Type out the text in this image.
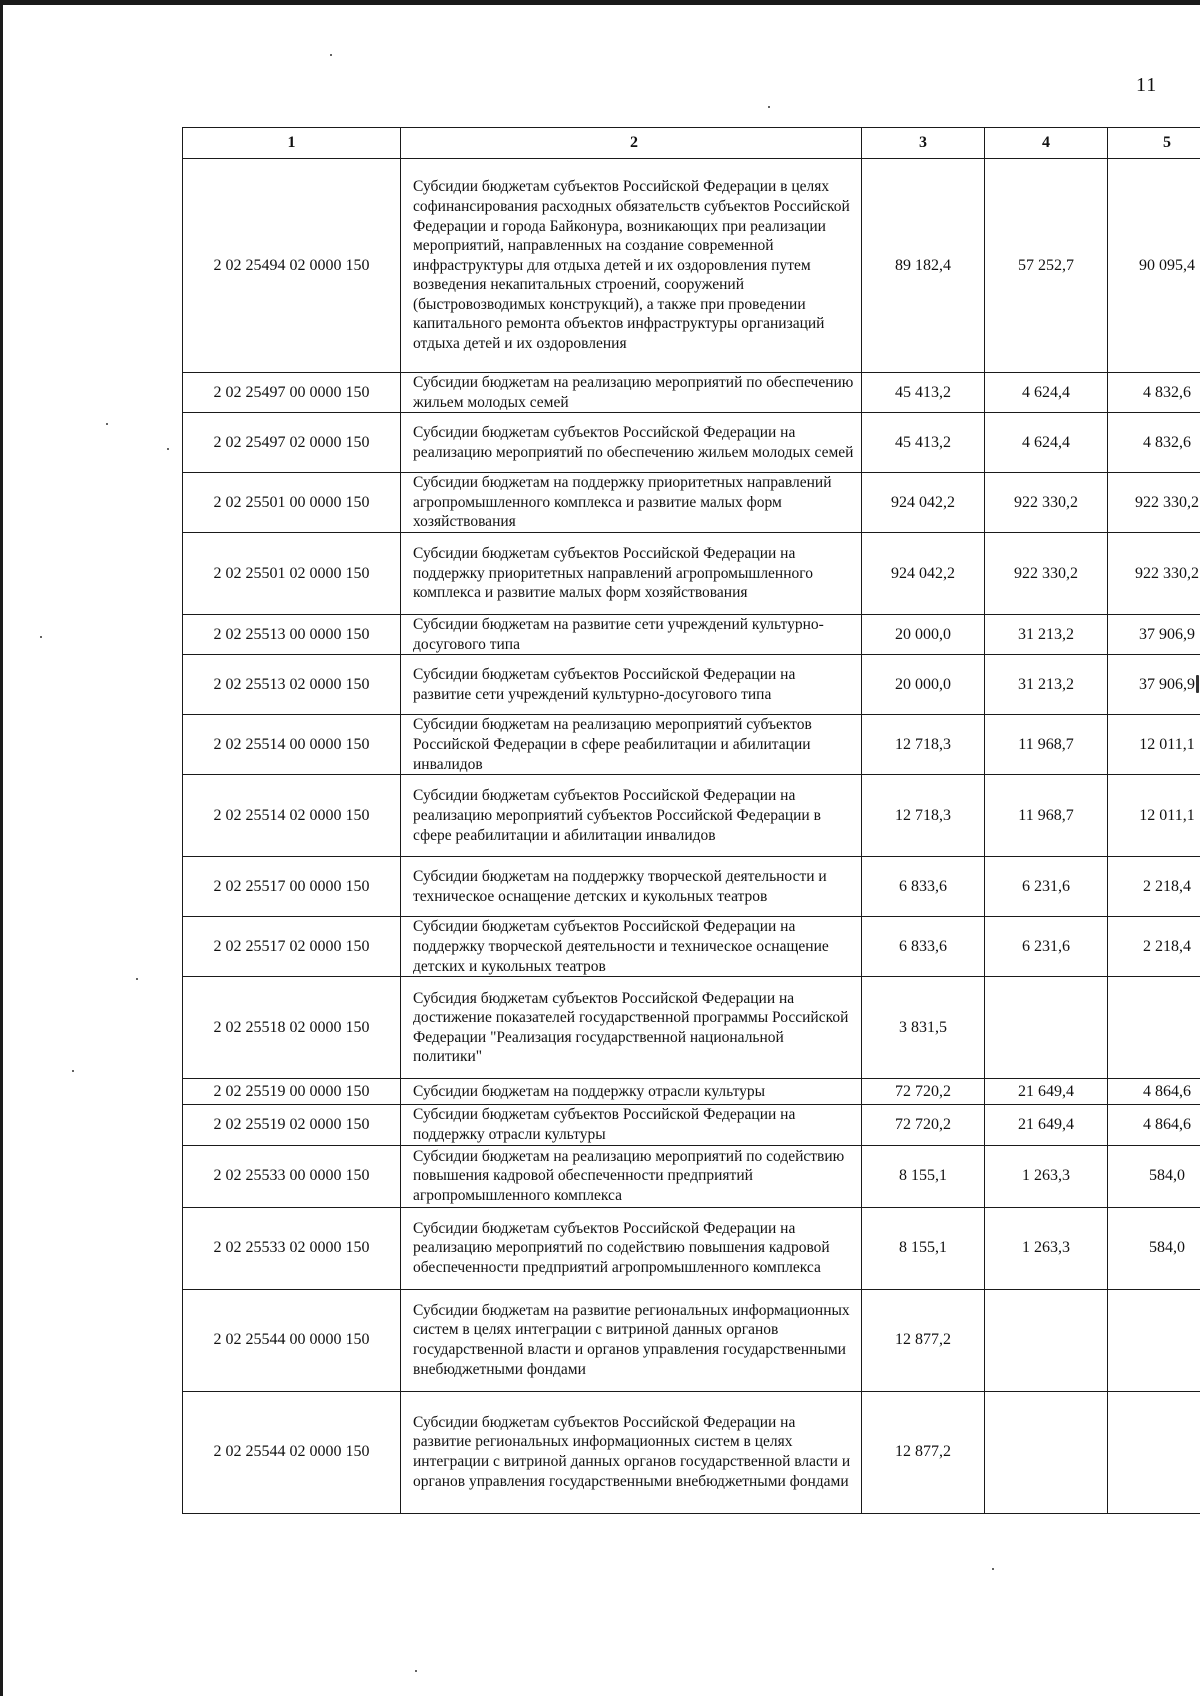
11
1	2	3	4	5
2 02 25494 02 0000 150	Субсидии бюджетам субъектов Российской Федерации в целях софинансирования расходных обязательств субъектов Российской Федерации и города Байконура, возникающих при реализации мероприятий, направленных на создание современной инфраструктуры для отдыха детей и их оздоровления путем возведения некапитальных строений, сооружений (быстровозводимых конструкций), а также при проведении капитального ремонта объектов инфраструктуры организаций отдыха детей и их оздоровления	89 182,4	57 252,7	90 095,4
2 02 25497 00 0000 150	Субсидии бюджетам на реализацию мероприятий по обеспечению жильем молодых семей	45 413,2	4 624,4	4 832,6
2 02 25497 02 0000 150	Субсидии бюджетам субъектов Российской Федерации на реализацию мероприятий по обеспечению жильем молодых семей	45 413,2	4 624,4	4 832,6
2 02 25501 00 0000 150	Субсидии бюджетам на поддержку приоритетных направлений агропромышленного комплекса и развитие малых форм хозяйствования	924 042,2	922 330,2	922 330,2
2 02 25501 02 0000 150	Субсидии бюджетам субъектов Российской Федерации на поддержку приоритетных направлений агропромышленного комплекса и развитие малых форм хозяйствования	924 042,2	922 330,2	922 330,2
2 02 25513 00 0000 150	Субсидии бюджетам на развитие сети учреждений культурно-досугового типа	20 000,0	31 213,2	37 906,9
2 02 25513 02 0000 150	Субсидии бюджетам субъектов Российской Федерации на развитие сети учреждений культурно-досугового типа	20 000,0	31 213,2	37 906,9
2 02 25514 00 0000 150	Субсидии бюджетам на реализацию мероприятий субъектов Российской Федерации в сфере реабилитации и абилитации инвалидов	12 718,3	11 968,7	12 011,1
2 02 25514 02 0000 150	Субсидии бюджетам субъектов Российской Федерации на реализацию мероприятий субъектов Российской Федерации в сфере реабилитации и абилитации инвалидов	12 718,3	11 968,7	12 011,1
2 02 25517 00 0000 150	Субсидии бюджетам на поддержку творческой деятельности и техническое оснащение детских и кукольных театров	6 833,6	6 231,6	2 218,4
2 02 25517 02 0000 150	Субсидии бюджетам субъектов Российской Федерации на поддержку творческой деятельности и техническое оснащение детских и кукольных театров	6 833,6	6 231,6	2 218,4
2 02 25518 02 0000 150	Субсидия бюджетам субъектов Российской Федерации на достижение показателей государственной программы Российской Федерации "Реализация государственной национальной политики"	3 831,5		
2 02 25519 00 0000 150	Субсидии бюджетам на поддержку отрасли культуры	72 720,2	21 649,4	4 864,6
2 02 25519 02 0000 150	Субсидии бюджетам субъектов Российской Федерации на поддержку отрасли культуры	72 720,2	21 649,4	4 864,6
2 02 25533 00 0000 150	Субсидии бюджетам на реализацию мероприятий по содействию повышения кадровой обеспеченности предприятий агропромышленного комплекса	8 155,1	1 263,3	584,0
2 02 25533 02 0000 150	Субсидии бюджетам субъектов Российской Федерации на реализацию мероприятий по содействию повышения кадровой обеспеченности предприятий агропромышленного комплекса	8 155,1	1 263,3	584,0
2 02 25544 00 0000 150	Субсидии бюджетам на развитие региональных информационных систем в целях интеграции с витриной данных органов государственной власти и органов управления государственными внебюджетными фондами	12 877,2		
2 02 25544 02 0000 150	Субсидии бюджетам субъектов Российской Федерации на развитие региональных информационных систем в целях интеграции с витриной данных органов государственной власти и органов управления государственными внебюджетными фондами	12 877,2		
